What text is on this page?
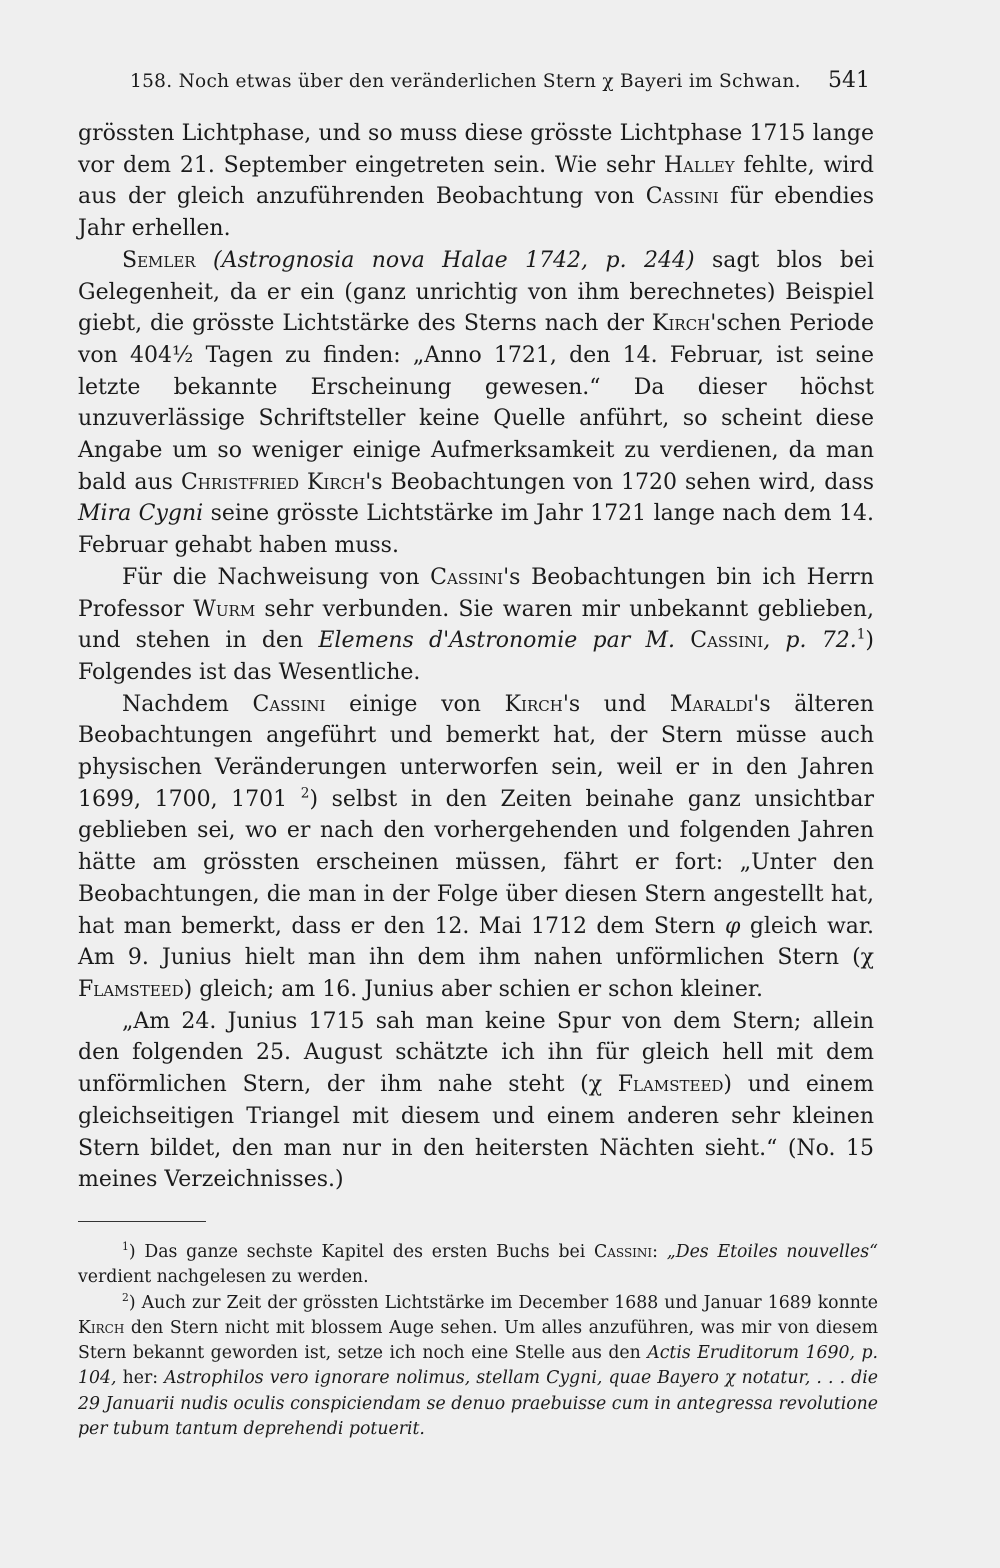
158. Noch etwas über den veränderlichen Stern χ Bayeri im Schwan. 541

grössten Lichtphase, und so muss diese grösste Lichtphase 1715 lange vor dem 21. September eingetreten sein. Wie sehr Halley fehlte, wird aus der gleich anzuführenden Beobachtung von Cassini für ebendies Jahr erhellen.

Semler (Astrognosia nova Halae 1742, p. 244) sagt blos bei Gelegenheit, da er ein (ganz unrichtig von ihm berechnetes) Beispiel giebt, die grösste Lichtstärke des Sterns nach der Kirch'schen Periode von 404½ Tagen zu finden: „Anno 1721, den 14. Februar, ist seine letzte bekannte Erscheinung gewesen.“ Da dieser höchst unzuverlässige Schriftsteller keine Quelle anführt, so scheint diese Angabe um so weniger einige Aufmerksamkeit zu verdienen, da man bald aus Christfried Kirch's Beobachtungen von 1720 sehen wird, dass Mira Cygni seine grösste Lichtstärke im Jahr 1721 lange nach dem 14. Februar gehabt haben muss.

Für die Nachweisung von Cassini's Beobachtungen bin ich Herrn Professor Wurm sehr verbunden. Sie waren mir unbekannt geblieben, und stehen in den Elemens d'Astronomie par M. Cassini, p. 72.$^1$) Folgendes ist das Wesentliche.

Nachdem Cassini einige von Kirch's und Maraldi's älteren Beobachtungen angeführt und bemerkt hat, der Stern müsse auch physischen Veränderungen unterworfen sein, weil er in den Jahren 1699, 1700, 1701 $^2$) selbst in den Zeiten beinahe ganz unsichtbar geblieben sei, wo er nach den vorhergehenden und folgenden Jahren hätte am grössten erscheinen müssen, fährt er fort: „Unter den Beobachtungen, die man in der Folge über diesen Stern angestellt hat, hat man bemerkt, dass er den 12. Mai 1712 dem Stern φ gleich war. Am 9. Junius hielt man ihn dem ihm nahen unförmlichen Stern (χ Flamsteed) gleich; am 16. Junius aber schien er schon kleiner.

„Am 24. Junius 1715 sah man keine Spur von dem Stern; allein den folgenden 25. August schätzte ich ihn für gleich hell mit dem unförmlichen Stern, der ihm nahe steht (χ Flamsteed) und einem gleichseitigen Triangel mit diesem und einem anderen sehr kleinen Stern bildet, den man nur in den heitersten Nächten sieht.“ (No. 15 meines Verzeichnisses.)

$^1$) Das ganze sechste Kapitel des ersten Buchs bei Cassini: „Des Etoiles nouvelles“ verdient nachgelesen zu werden.

$^2$) Auch zur Zeit der grössten Lichtstärke im December 1688 und Januar 1689 konnte Kirch den Stern nicht mit blossem Auge sehen. Um alles anzuführen, was mir von diesem Stern bekannt geworden ist, setze ich noch eine Stelle aus den Actis Eruditorum 1690, p. 104, her: Astrophilos vero ignorare nolimus, stellam Cygni, quae Bayero χ notatur, . . . die 29 Januarii nudis oculis conspiciendam se denuo praebuisse cum in antegressa revolutione per tubum tantum deprehendi potuerit.
